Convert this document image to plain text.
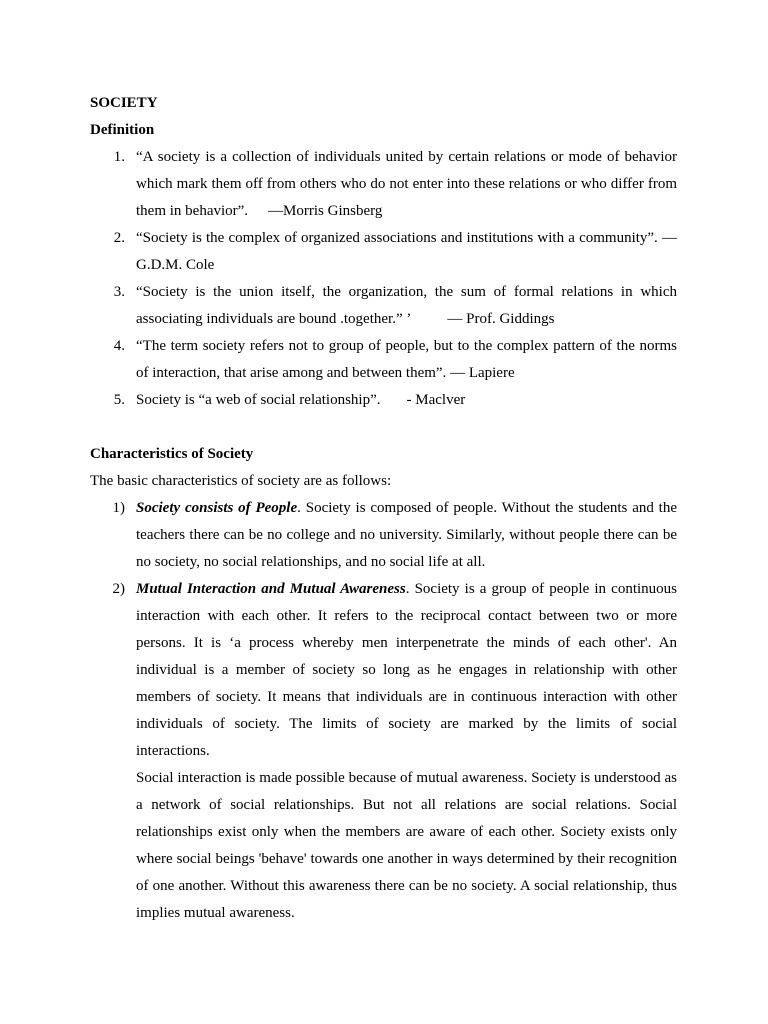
SOCIETY

Definition

1. “A society is a collection of individuals united by certain relations or mode of behavior which mark them off from others who do not enter into these relations or who differ from them in behavior”. —Morris Ginsberg
2. “Society is the complex of organized associations and institutions with a community”. — G.D.M. Cole
3. “Society is the union itself, the organization, the sum of formal relations in which associating individuals are bound .together.” ’ — Prof. Giddings
4. “The term society refers not to group of people, but to the complex pattern of the norms of interaction, that arise among and between them”. — Lapiere
5. Society is “a web of social relationship”. - Maclver

Characteristics of Society

The basic characteristics of society are as follows:

1) Society consists of People. Society is composed of people. Without the students and the teachers there can be no college and no university. Similarly, without people there can be no society, no social relationships, and no social life at all.
2) Mutual Interaction and Mutual Awareness. Society is a group of people in continuous interaction with each other. It refers to the reciprocal contact between two or more persons. It is ‘a process whereby men interpenetrate the minds of each other'. An individual is a member of society so long as he engages in relationship with other members of society. It means that individuals are in continuous interaction with other individuals of society. The limits of society are marked by the limits of social interactions.

Social interaction is made possible because of mutual awareness. Society is understood as a network of social relationships. But not all relations are social relations. Social relationships exist only when the members are aware of each other. Society exists only where social beings 'behave' towards one another in ways determined by their recognition of one another. Without this awareness there can be no society. A social relationship, thus implies mutual awareness.
